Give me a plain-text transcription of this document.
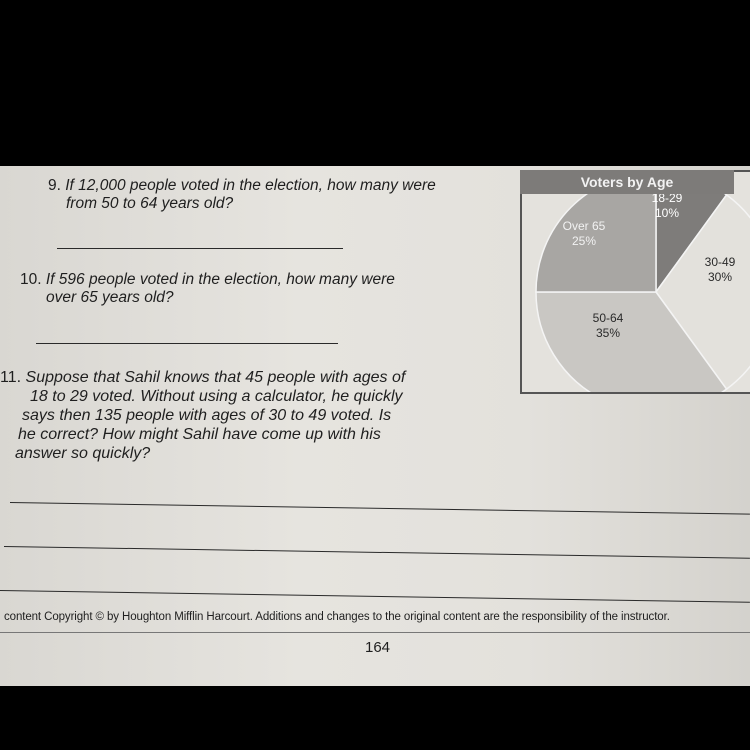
9. If 12,000 people voted in the election, how many were

from 50 to 64 years old?

10. If 596 people voted in the election, how many were

over 65 years old?

11. Suppose that Sahil knows that 45 people with ages of

18 to 29 voted. Without using a calculator, he quickly

says then 135 people with ages of 30 to 49 voted. Is

he correct? How might Sahil have come up with his

answer so quickly?

Voters by Age
18-29
10%
30-49
30%
50-64
35%
Over 65
25%
content Copyright © by Houghton Mifflin Harcourt. Additions and changes to the original content are the responsibility of the instructor.
164
